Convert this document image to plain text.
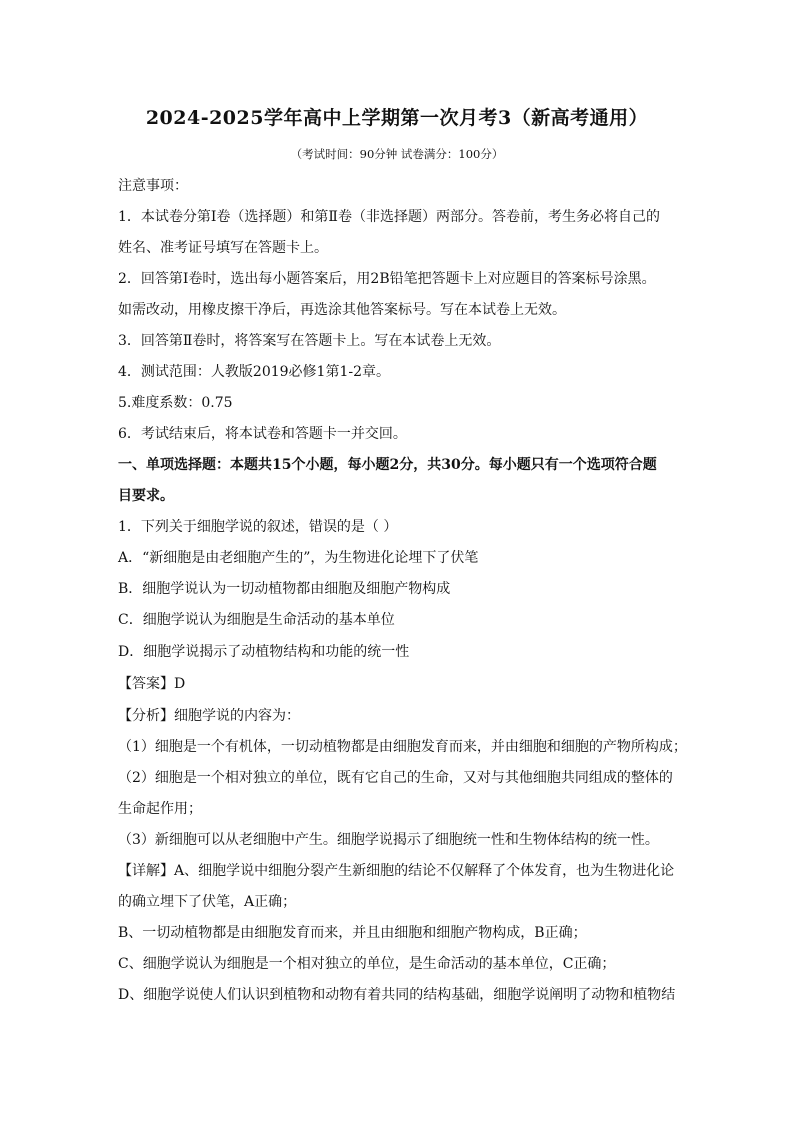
2024-2025学年高中上学期第一次月考3（新高考通用）
（考试时间：90分钟 试卷满分：100分）
注意事项：
1．本试卷分第Ⅰ卷（选择题）和第Ⅱ卷（非选择题）两部分。答卷前，考生务必将自己的
姓名、准考证号填写在答题卡上。
2．回答第Ⅰ卷时，选出每小题答案后，用2B铅笔把答题卡上对应题目的答案标号涂黑。
如需改动，用橡皮擦干净后，再选涂其他答案标号。写在本试卷上无效。
3．回答第Ⅱ卷时，将答案写在答题卡上。写在本试卷上无效。
4．测试范围：人教版2019必修1第1-2章。
5.难度系数：0.75
6．考试结束后，将本试卷和答题卡一并交回。
一、单项选择题：本题共15个小题，每小题2分，共30分。每小题只有一个选项符合题
目要求。
1．下列关于细胞学说的叙述，错误的是（ ）
A．“新细胞是由老细胞产生的”，为生物进化论埋下了伏笔
B．细胞学说认为一切动植物都由细胞及细胞产物构成
C．细胞学说认为细胞是生命活动的基本单位
D．细胞学说揭示了动植物结构和功能的统一性
【答案】D
【分析】细胞学说的内容为：
（1）细胞是一个有机体，一切动植物都是由细胞发育而来，并由细胞和细胞的产物所构成；
（2）细胞是一个相对独立的单位，既有它自己的生命，又对与其他细胞共同组成的整体的
生命起作用；
（3）新细胞可以从老细胞中产生。细胞学说揭示了细胞统一性和生物体结构的统一性。
【详解】A、细胞学说中细胞分裂产生新细胞的结论不仅解释了个体发育，也为生物进化论
的确立埋下了伏笔，A正确；
B、一切动植物都是由细胞发育而来，并且由细胞和细胞产物构成，B正确；
C、细胞学说认为细胞是一个相对独立的单位，是生命活动的基本单位，C正确；
D、细胞学说使人们认识到植物和动物有着共同的结构基础，细胞学说阐明了动物和植物结
